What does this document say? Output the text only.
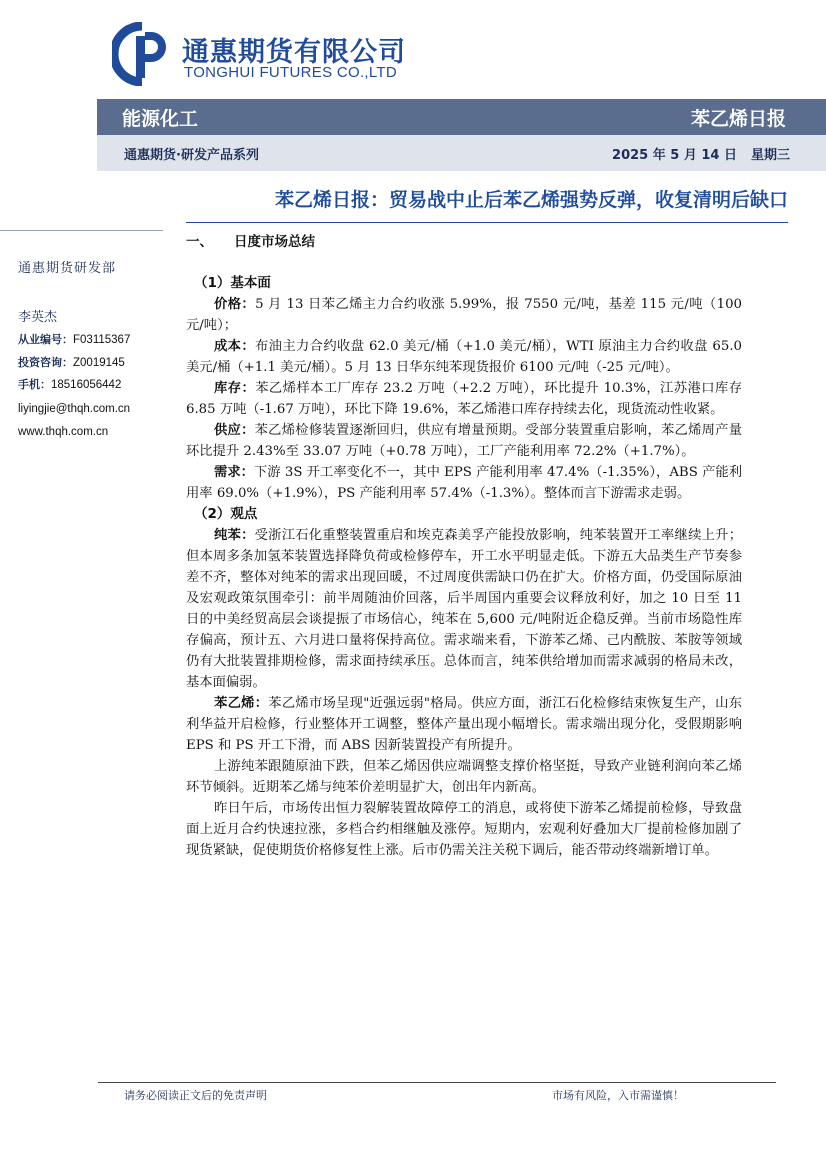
通惠期货有限公司
TONGHUI FUTURES CO.,LTD
能源化工	苯乙烯日报
通惠期货·研发产品系列	2025 年 5 月 14 日 星期三
苯乙烯日报：贸易战中止后苯乙烯强势反弹，收复清明后缺口
通惠期货研发部
李英杰
从业编号：F03115367
投资咨询：Z0019145
手机：18516056442
liyingjie@thqh.com.cn
www.thqh.com.cn
一、 日度市场总结
（1）基本面

价格：5 月 13 日苯乙烯主力合约收涨 5.99%，报 7550 元/吨，基差 115 元/吨（100 元/吨）；

成本：布油主力合约收盘 62.0 美元/桶（+1.0 美元/桶），WTI 原油主力合约收盘 65.0 美元/桶（+1.1 美元/桶）。5 月 13 日华东纯苯现货报价 6100 元/吨（-25 元/吨）。

库存：苯乙烯样本工厂库存 23.2 万吨（+2.2 万吨），环比提升 10.3%，江苏港口库存 6.85 万吨（-1.67 万吨），环比下降 19.6%，苯乙烯港口库存持续去化，现货流动性收紧。

供应：苯乙烯检修装置逐渐回归，供应有增量预期。受部分装置重启影响，苯乙烯周产量环比提升 2.43%至 33.07 万吨（+0.78 万吨），工厂产能利用率 72.2%（+1.7%）。

需求：下游 3S 开工率变化不一，其中 EPS 产能利用率 47.4%（-1.35%），ABS 产能利用率 69.0%（+1.9%），PS 产能利用率 57.4%（-1.3%）。整体而言下游需求走弱。

（2）观点

纯苯：受浙江石化重整装置重启和埃克森美孚产能投放影响，纯苯装置开工率继续上升；但本周多条加氢苯装置选择降负荷或检修停车，开工水平明显走低。下游五大品类生产节奏参差不齐，整体对纯苯的需求出现回暖，不过周度供需缺口仍在扩大。价格方面，仍受国际原油及宏观政策氛围牵引：前半周随油价回落，后半周国内重要会议释放利好，加之 10 日至 11 日的中美经贸高层会谈提振了市场信心，纯苯在 5,600 元/吨附近企稳反弹。当前市场隐性库存偏高，预计五、六月进口量将保持高位。需求端来看，下游苯乙烯、己内酰胺、苯胺等领域仍有大批装置排期检修，需求面持续承压。总体而言，纯苯供给增加而需求减弱的格局未改，基本面偏弱。

苯乙烯：苯乙烯市场呈现"近强远弱"格局。供应方面，浙江石化检修结束恢复生产，山东利华益开启检修，行业整体开工调整，整体产量出现小幅增长。需求端出现分化，受假期影响 EPS 和 PS 开工下滑，而 ABS 因新装置投产有所提升。

上游纯苯跟随原油下跌，但苯乙烯因供应端调整支撑价格坚挺，导致产业链利润向苯乙烯环节倾斜。近期苯乙烯与纯苯价差明显扩大，创出年内新高。

昨日午后，市场传出恒力裂解装置故障停工的消息，或将使下游苯乙烯提前检修，导致盘面上近月合约快速拉涨，多档合约相继触及涨停。短期内，宏观利好叠加大厂提前检修加剧了现货紧缺，促使期货价格修复性上涨。后市仍需关注关税下调后，能否带动终端新增订单。

请务必阅读正文后的免责声明	市场有风险，入市需谨慎！
